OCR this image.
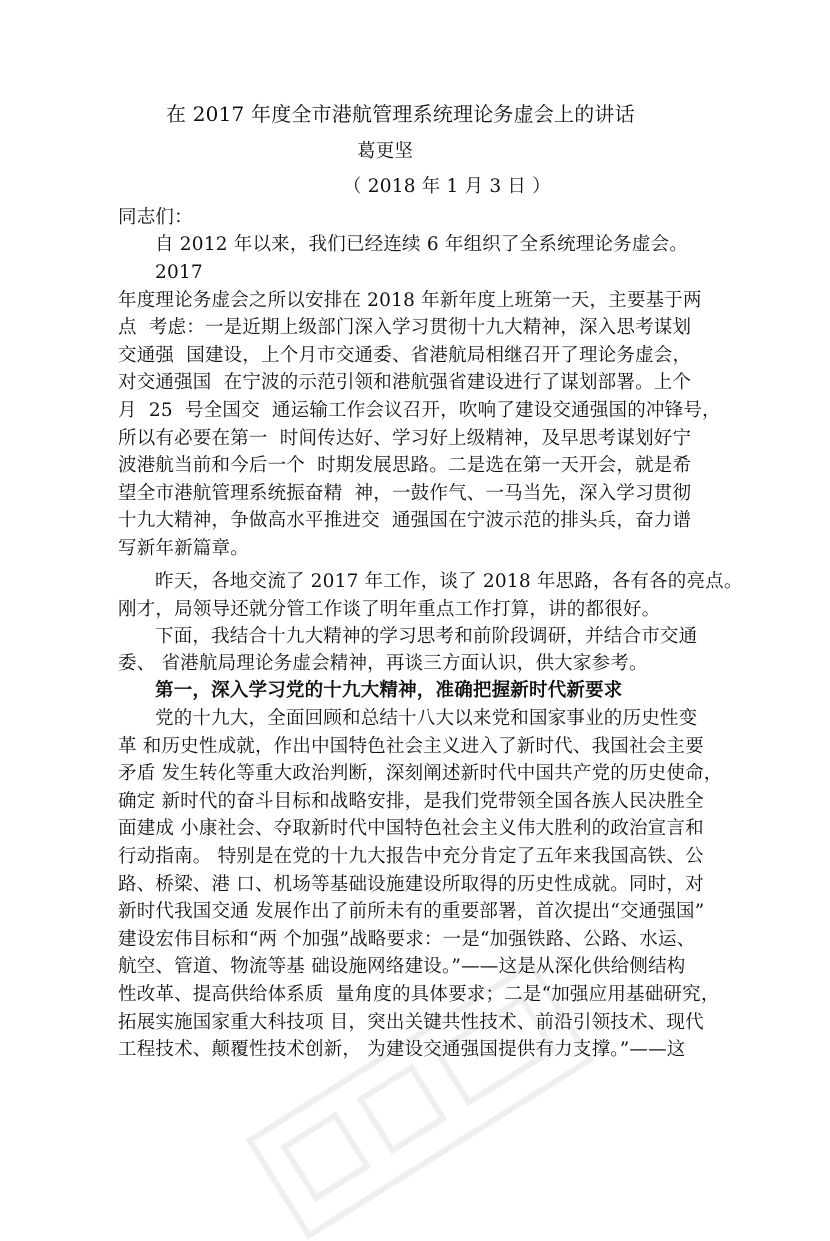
在 2017 年度全市港航管理系统理论务虚会上的讲话
葛更坚
（ 2018 年 1 月 3 日 ）
同志们：
自 2012 年以来，我们已经连续 6 年组织了全系统理论务虚会。
2017
年度理论务虚会之所以安排在 2018 年新年度上班第一天，主要基于两
点  考虑：一是近期上级部门深入学习贯彻十九大精神，深入思考谋划
交通强  国建设，上个月市交通委、省港航局相继召开了理论务虚会，
对交通强国  在宁波的示范引领和港航强省建设进行了谋划部署。上个
月  25  号全国交  通运输工作会议召开，吹响了建设交通强国的冲锋号，
所以有必要在第一  时间传达好、学习好上级精神，及早思考谋划好宁
波港航当前和今后一个  时期发展思路。二是选在第一天开会，就是希
望全市港航管理系统振奋精  神，一鼓作气、一马当先，深入学习贯彻
十九大精神，争做高水平推进交  通强国在宁波示范的排头兵，奋力谱
写新年新篇章。
昨天，各地交流了 2017 年工作，谈了 2018 年思路，各有各的亮点。
刚才，局领导还就分管工作谈了明年重点工作打算，讲的都很好。
下面，我结合十九大精神的学习思考和前阶段调研，并结合市交通
委、 省港航局理论务虚会精神，再谈三方面认识，供大家参考。
第一，深入学习党的十九大精神，准确把握新时代新要求
党的十九大，全面回顾和总结十八大以来党和国家事业的历史性变
革 和历史性成就，作出中国特色社会主义进入了新时代、我国社会主要
矛盾 发生转化等重大政治判断，深刻阐述新时代中国共产党的历史使命，
确定 新时代的奋斗目标和战略安排，是我们党带领全国各族人民决胜全
面建成 小康社会、夺取新时代中国特色社会主义伟大胜利的政治宣言和
行动指南。 特别是在党的十九大报告中充分肯定了五年来我国高铁、公
路、桥梁、港 口、机场等基础设施建设所取得的历史性成就。同时，对
新时代我国交通 发展作出了前所未有的重要部署，首次提出“交通强国”
建设宏伟目标和“两 个加强”战略要求：一是“加强铁路、公路、水运、
航空、管道、物流等基 础设施网络建设。”——这是从深化供给侧结构
性改革、提高供给体系质  量角度的具体要求；二是“加强应用基础研究，
拓展实施国家重大科技项 目，突出关键共性技术、前沿引领技术、现代
工程技术、颠覆性技术创新， 为建设交通强国提供有力支撑。”——这
